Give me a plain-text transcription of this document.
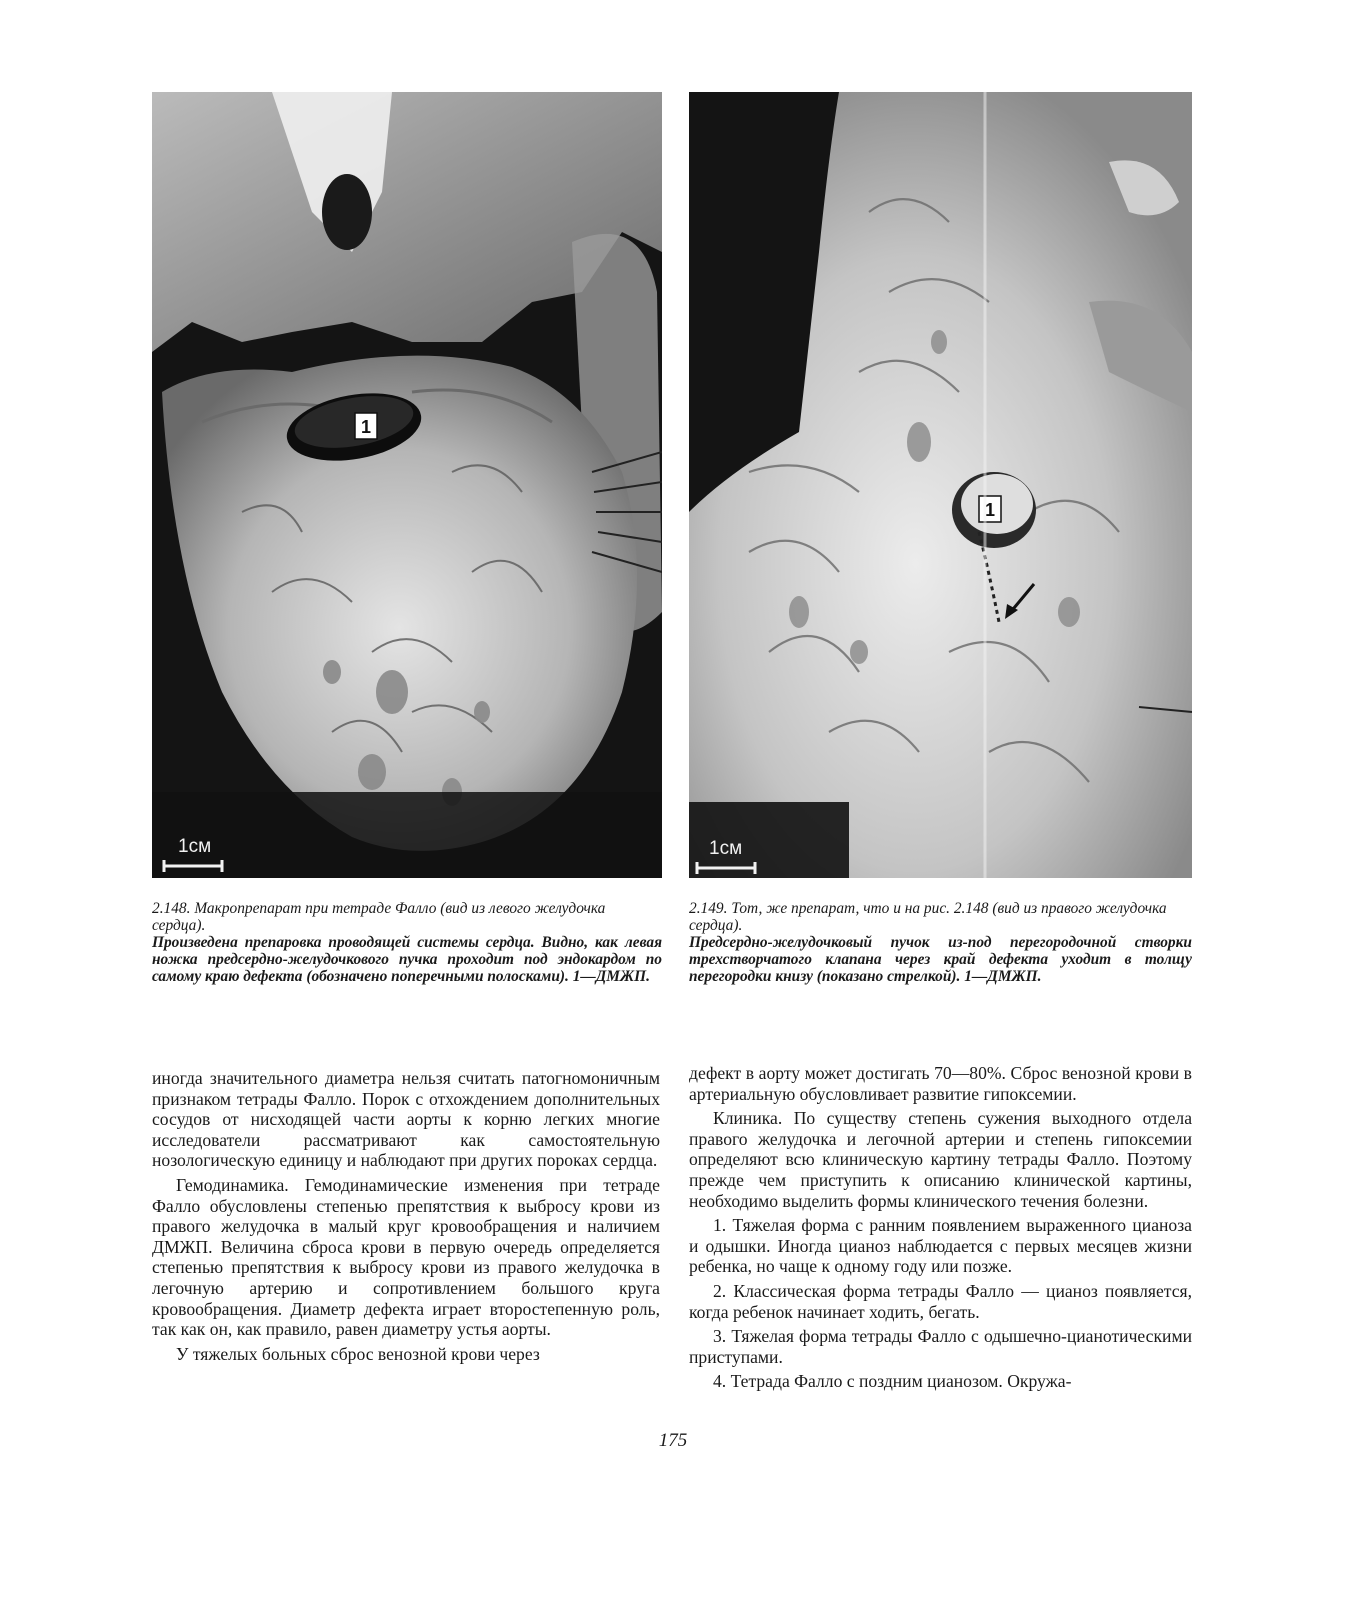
1
1см
1
1см
2.148. Макропрепарат при тетраде Фалло (вид из левого желудочка сердца).
Произведена препаровка проводящей системы сердца. Видно, как левая ножка предсердно-желудочкового пучка проходит под эндокардом по самому краю дефекта (обозначено поперечными полосками). 1—ДМЖП.
2.149. Тот, же препарат, что и на рис. 2.148 (вид из правого желудочка сердца).
Предсердно-желудочковый пучок из-под перегородочной створки трехстворчатого клапана через край дефекта уходит в толщу перегородки книзу (показано стрелкой). 1—ДМЖП.

иногда значительного диаметра нельзя считать патогномоничным признаком тетрады Фалло. Порок с отхождением дополнительных сосудов от нисходящей части аорты к корню легких многие исследователи рассматривают как самостоятельную нозологическую единицу и наблюдают при других пороках сердца.

Гемодинамика. Гемодинамические изменения при тетраде Фалло обусловлены степенью препятствия к выбросу крови из правого желудочка в малый круг кровообращения и наличием ДМЖП. Величина сброса крови в первую очередь определяется степенью препятствия к выбросу крови из правого желудочка в легочную артерию и сопротивлением большого круга кровообращения. Диаметр дефекта играет второстепенную роль, так как он, как правило, равен диаметру устья аорты.

У тяжелых больных сброс венозной крови через

дефект в аорту может достигать 70—80%. Сброс венозной крови в артериальную обусловливает развитие гипоксемии.

Клиника. По существу степень сужения выходного отдела правого желудочка и легочной артерии и степень гипоксемии определяют всю клиническую картину тетрады Фалло. Поэтому прежде чем приступить к описанию клинической картины, необходимо выделить формы клинического течения болезни.

1. Тяжелая форма с ранним появлением выраженного цианоза и одышки. Иногда цианоз наблюдается с первых месяцев жизни ребенка, но чаще к одному году или позже.

2. Классическая форма тетрады Фалло — цианоз появляется, когда ребенок начинает ходить, бегать.

3. Тяжелая форма тетрады Фалло с одышечно-цианотическими приступами.

4. Тетрада Фалло с поздним цианозом. Окружа-

175
